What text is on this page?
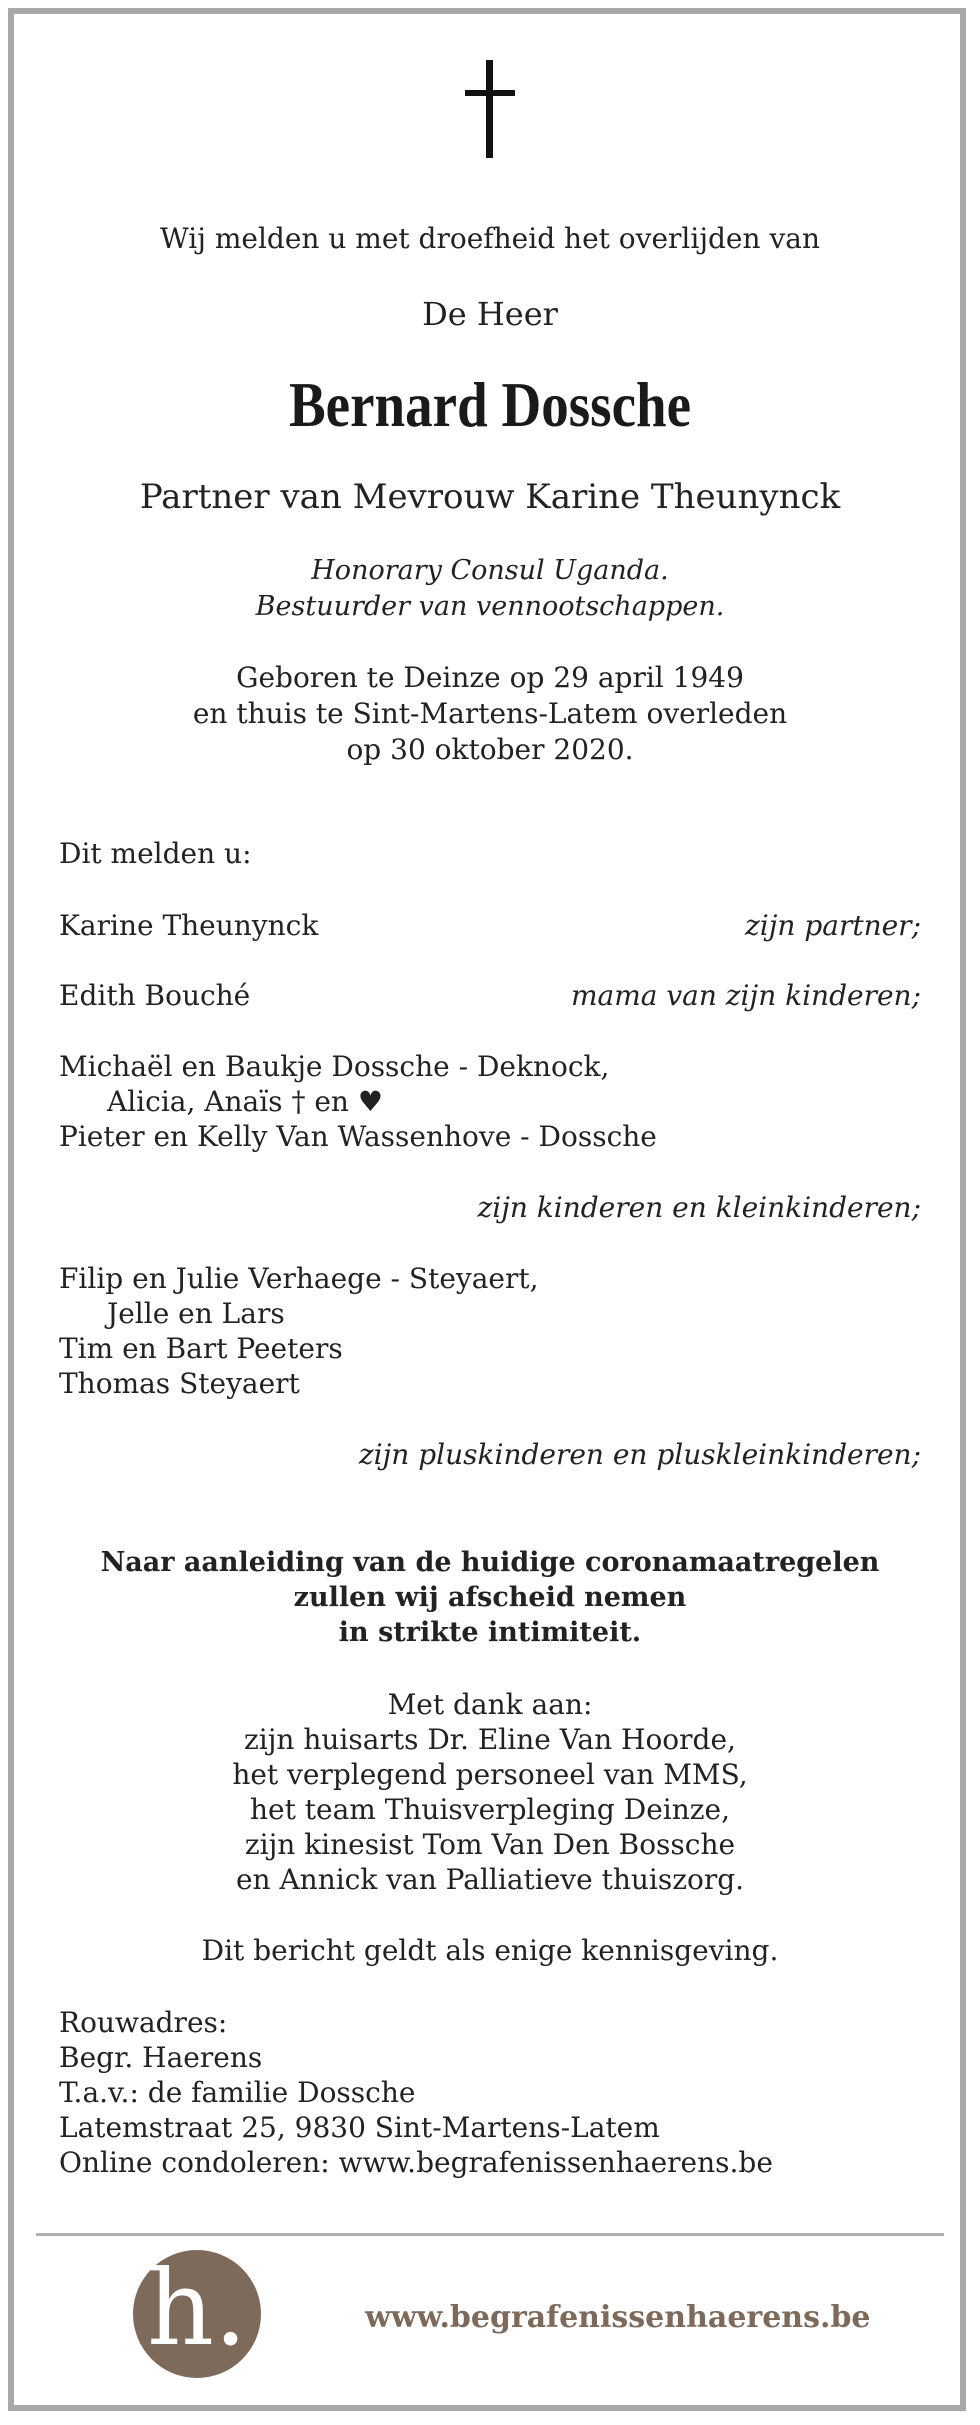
Wij melden u met droefheid het overlijden van
De Heer
Bernard Dossche
Partner van Mevrouw Karine Theunynck
Honorary Consul Uganda.
Bestuurder van vennootschappen.
Geboren te Deinze op 29 april 1949
en thuis te Sint-Martens-Latem overleden
op 30 oktober 2020.
Dit melden u:
Karine Theunynck	zijn partner;
Edith Bouché	mama van zijn kinderen;
Michaël en Baukje Dossche - Deknock,
Alicia, Anaïs † en ♥
Pieter en Kelly Van Wassenhove - Dossche
zijn kinderen en kleinkinderen;
Filip en Julie Verhaege - Steyaert,
Jelle en Lars
Tim en Bart Peeters
Thomas Steyaert
zijn pluskinderen en pluskleinkinderen;
Naar aanleiding van de huidige coronamaatregelen
zullen wij afscheid nemen
in strikte intimiteit.
Met dank aan:
zijn huisarts Dr. Eline Van Hoorde,
het verplegend personeel van MMS,
het team Thuisverpleging Deinze,
zijn kinesist Tom Van Den Bossche
en Annick van Palliatieve thuiszorg.
Dit bericht geldt als enige kennisgeving.
Rouwadres:
Begr. Haerens
T.a.v.: de familie Dossche
Latemstraat 25, 9830 Sint-Martens-Latem
Online condoleren: www.begrafenissenhaerens.be
h.	www.begrafenissenhaerens.be
